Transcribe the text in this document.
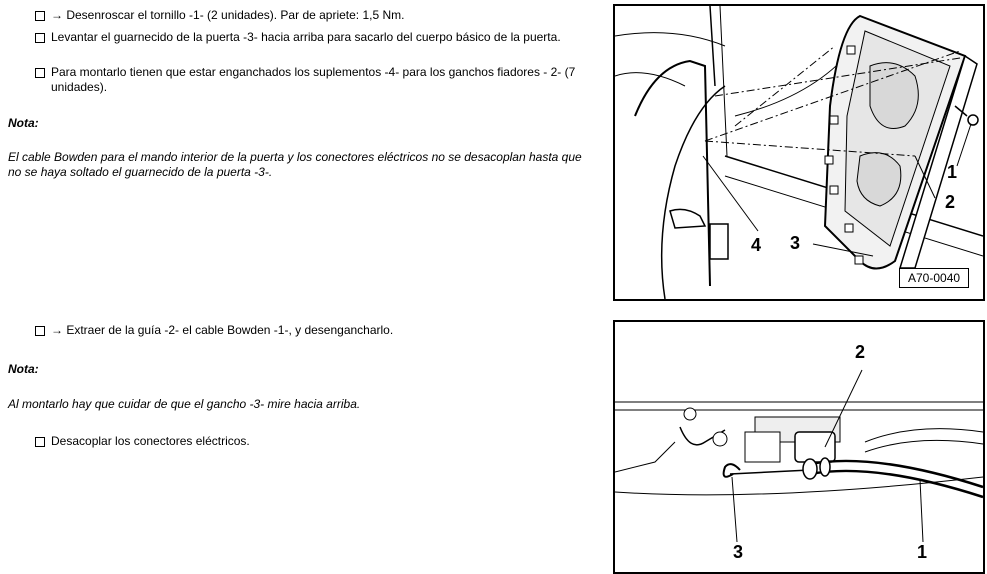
→ Desenroscar el tornillo -1- (2 unidades). Par de apriete: 1,5 Nm.
Levantar el guarnecido de la puerta -3- hacia arriba para sacarlo del cuerpo básico de la puerta.
Para montarlo tienen que estar enganchados los suplementos -4- para los ganchos fiadores - 2- (7 unidades).
Nota:
El cable Bowden para el mando interior de la puerta y los conectores eléctricos no se desacoplan hasta que no se haya soltado el guarnecido de la puerta -3-.	1
2
3
4
A70-0040
→ Extraer de la guía -2- el cable Bowden -1-, y desengancharlo.
Nota:
Al montarlo hay que cuidar de que el gancho -3- mire hacia arriba.
Desacoplar los conectores eléctricos.
2
3	1
